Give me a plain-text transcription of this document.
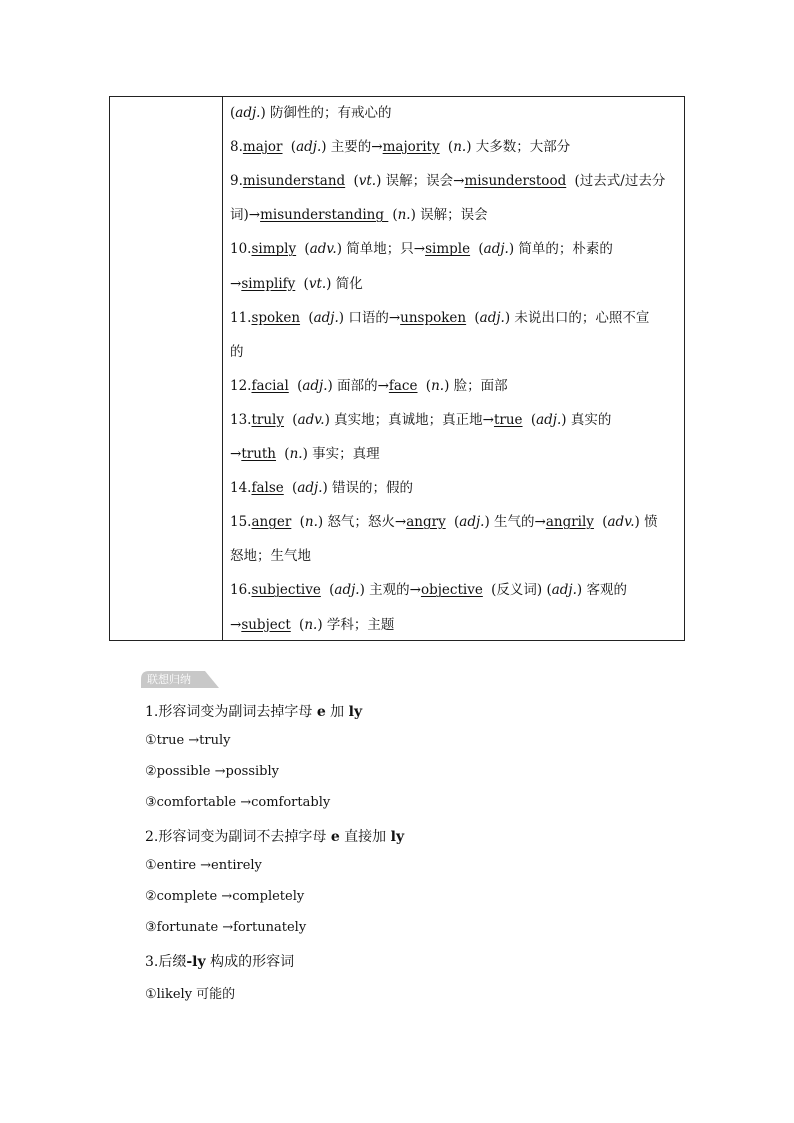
(adj.) 防御性的；有戒心的
8.major (adj.) 主要的→majority (n.) 大多数；大部分
9.misunderstand (vt.) 误解；误会→misunderstood (过去式/过去分
词)→misunderstanding (n.) 误解；误会
10.simply (adv.) 简单地；只→simple (adj.) 简单的；朴素的
→simplify (vt.) 简化
11.spoken (adj.) 口语的→unspoken (adj.) 未说出口的；心照不宣
的
12.facial (adj.) 面部的→face (n.) 脸；面部
13.truly (adv.) 真实地；真诚地；真正地→true (adj.) 真实的
→truth (n.) 事实；真理
14.false (adj.) 错误的；假的
15.anger (n.) 怒气；怒火→angry (adj.) 生气的→angrily (adv.) 愤
怒地；生气地
16.subjective (adj.) 主观的→objective (反义词) (adj.) 客观的
→subject (n.) 学科；主题
联想归纳
1.形容词变为副词去掉字母 e 加 ly
①true →truly
②possible →possibly
③comfortable →comfortably
2.形容词变为副词不去掉字母 e 直接加 ly
①entire →entirely
②complete →completely
③fortunate →fortunately
3.后缀-ly 构成的形容词
①likely 可能的
